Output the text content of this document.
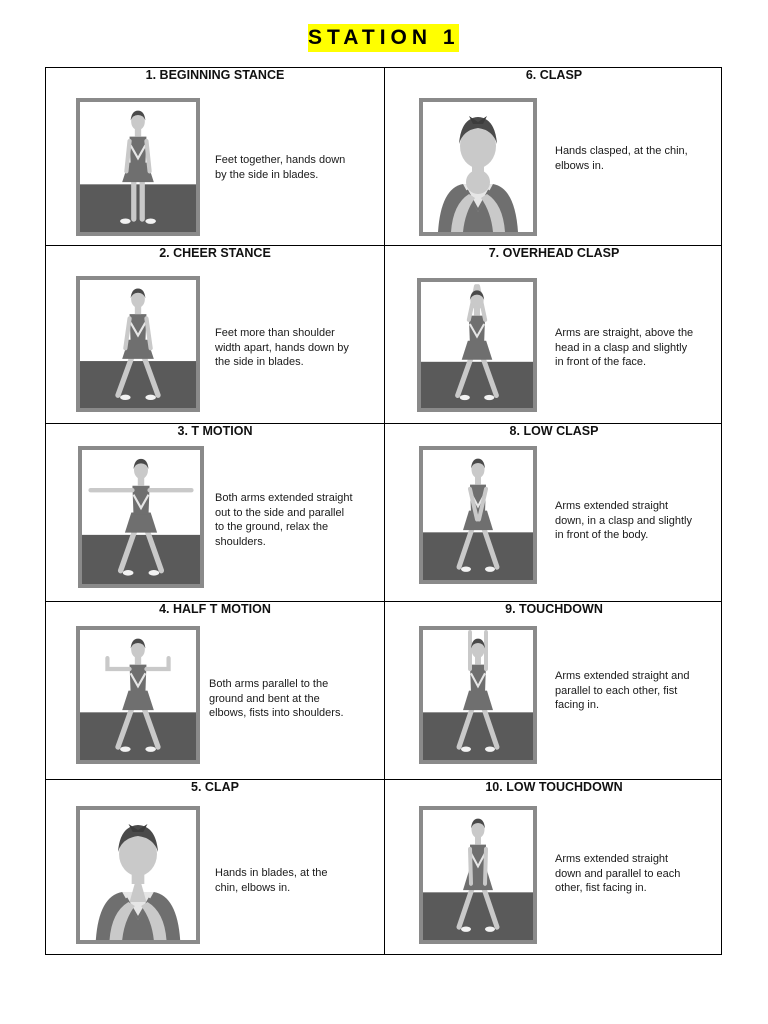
STATION 1
1. BEGINNING STANCE
Feet together, hands down
by the side in blades.
6. CLASP
Hands clasped, at the chin,
elbows in.
2. CHEER STANCE
Feet more than shoulder
width apart, hands down by
the side in blades.
7. OVERHEAD CLASP
Arms are straight, above the
head in a clasp and slightly
in front of the face.
3. T MOTION
Both arms extended straight
out to the side and parallel
to the ground, relax the
shoulders.
8. LOW CLASP
Arms extended straight
down, in a clasp and slightly
in front of the body.
4. HALF T MOTION
Both arms parallel to the
ground and bent at the
elbows, fists into shoulders.
9. TOUCHDOWN
Arms extended straight and
parallel to each other, fist
facing in.
5. CLAP
Hands in blades, at the
chin, elbows in.
10. LOW TOUCHDOWN
Arms extended straight
down and parallel to each
other, fist facing in.
